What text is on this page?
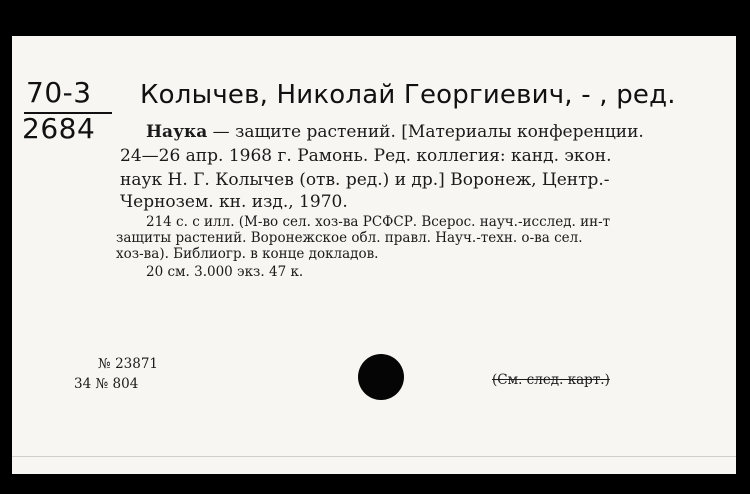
70-3
2684
Колычев, Николай Георгиевич, - , ред.
Наука — защите растений. [Материалы конференции.
24—26 апр. 1968 г. Рамонь. Ред. коллегия: канд. экон.
наук Н. Г. Колычев (отв. ред.) и др.] Воронеж, Центр.-
Чернозем. кн. изд., 1970.
214 с. с илл. (М-во сел. хоз-ва РСФСР. Всерос. науч.-исслед. ин-т
защиты растений. Воронежское обл. правл. Науч.-техн. о-ва сел.
хоз-ва). Библиогр. в конце докладов.
20 см. 3.000 экз. 47 к.
№ 23871
34 № 804	(См. след. карт.)
